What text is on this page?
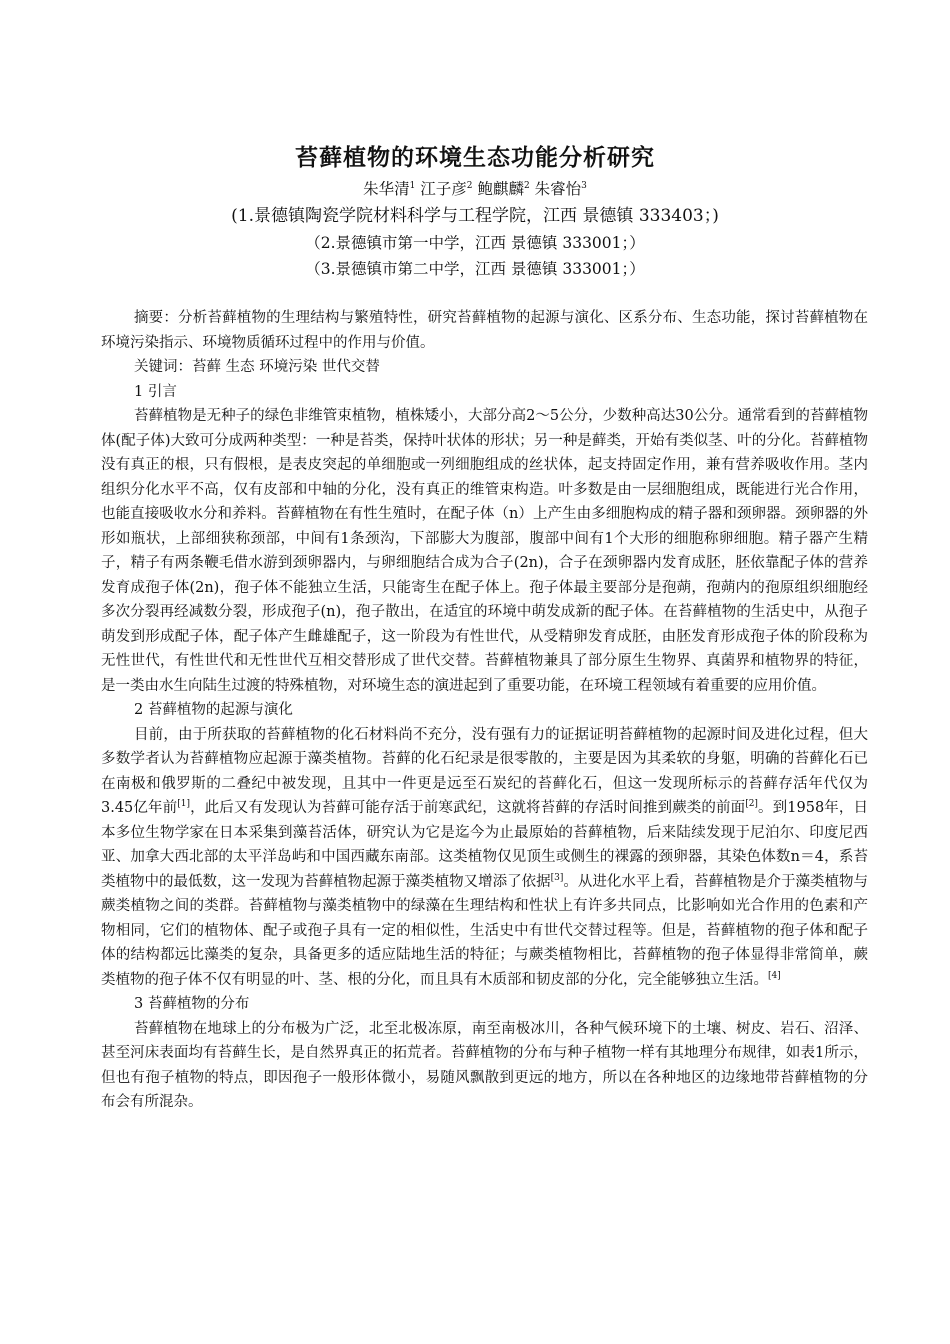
苔藓植物的环境生态功能分析研究
朱华清$^1$ 江子彦$^2$ 鲍麒麟$^2$ 朱睿怡$^3$
(1.景德镇陶瓷学院材料科学与工程学院，江西 景德镇 333403；)
（2.景德镇市第一中学，江西 景德镇 333001；）
（3.景德镇市第二中学，江西 景德镇 333001；）

摘要：分析苔藓植物的生理结构与繁殖特性，研究苔藓植物的起源与演化、区系分布、生态功能，探讨苔藓植物在环境污染指示、环境物质循环过程中的作用与价值。

关键词：苔藓 生态 环境污染 世代交替

1 引言

苔藓植物是无种子的绿色非维管束植物，植株矮小，大部分高2～5公分，少数种高达30公分。通常看到的苔藓植物体(配子体)大致可分成两种类型：一种是苔类，保持叶状体的形状；另一种是藓类，开始有类似茎、叶的分化。苔藓植物没有真正的根，只有假根，是表皮突起的单细胞或一列细胞组成的丝状体，起支持固定作用，兼有营养吸收作用。茎内组织分化水平不高，仅有皮部和中轴的分化，没有真正的维管束构造。叶多数是由一层细胞组成，既能进行光合作用，也能直接吸收水分和养料。苔藓植物在有性生殖时，在配子体（n）上产生由多细胞构成的精子器和颈卵器。颈卵器的外形如瓶状，上部细狭称颈部，中间有1条颈沟，下部膨大为腹部，腹部中间有1个大形的细胞称卵细胞。精子器产生精子，精子有两条鞭毛借水游到颈卵器内，与卵细胞结合成为合子(2n)，合子在颈卵器内发育成胚，胚依靠配子体的营养发育成孢子体(2n)，孢子体不能独立生活，只能寄生在配子体上。孢子体最主要部分是孢蒴，孢蒴内的孢原组织细胞经多次分裂再经减数分裂，形成孢子(n)，孢子散出，在适宜的环境中萌发成新的配子体。在苔藓植物的生活史中，从孢子萌发到形成配子体，配子体产生雌雄配子，这一阶段为有性世代，从受精卵发育成胚，由胚发育形成孢子体的阶段称为无性世代，有性世代和无性世代互相交替形成了世代交替。苔藓植物兼具了部分原生生物界、真菌界和植物界的特征，是一类由水生向陆生过渡的特殊植物，对环境生态的演进起到了重要功能，在环境工程领域有着重要的应用价值。

2 苔藓植物的起源与演化

目前，由于所获取的苔藓植物的化石材料尚不充分，没有强有力的证据证明苔藓植物的起源时间及进化过程，但大多数学者认为苔藓植物应起源于藻类植物。苔藓的化石纪录是很零散的，主要是因为其柔软的身躯，明确的苔藓化石已在南极和俄罗斯的二叠纪中被发现，且其中一件更是远至石炭纪的苔藓化石，但这一发现所标示的苔藓存活年代仅为3.45亿年前[1]，此后又有发现认为苔藓可能存活于前寒武纪，这就将苔藓的存活时间推到蕨类的前面[2]。到1958年，日本多位生物学家在日本采集到藻苔活体，研究认为它是迄今为止最原始的苔藓植物，后来陆续发现于尼泊尔、印度尼西亚、加拿大西北部的太平洋岛屿和中国西藏东南部。这类植物仅见顶生或侧生的裸露的颈卵器，其染色体数n＝4，系苔类植物中的最低数，这一发现为苔藓植物起源于藻类植物又增添了依据[3]。从进化水平上看，苔藓植物是介于藻类植物与蕨类植物之间的类群。苔藓植物与藻类植物中的绿藻在生理结构和性状上有许多共同点，比影响如光合作用的色素和产物相同，它们的植物体、配子或孢子具有一定的相似性，生活史中有世代交替过程等。但是，苔藓植物的孢子体和配子体的结构都远比藻类的复杂，具备更多的适应陆地生活的特征；与蕨类植物相比，苔藓植物的孢子体显得非常简单，蕨类植物的孢子体不仅有明显的叶、茎、根的分化，而且具有木质部和韧皮部的分化，完全能够独立生活。[4]

3 苔藓植物的分布

苔藓植物在地球上的分布极为广泛，北至北极冻原，南至南极冰川，各种气候环境下的土壤、树皮、岩石、沼泽、甚至河床表面均有苔藓生长，是自然界真正的拓荒者。苔藓植物的分布与种子植物一样有其地理分布规律，如表1所示，但也有孢子植物的特点，即因孢子一般形体微小，易随风飘散到更远的地方，所以在各种地区的边缘地带苔藓植物的分布会有所混杂。
